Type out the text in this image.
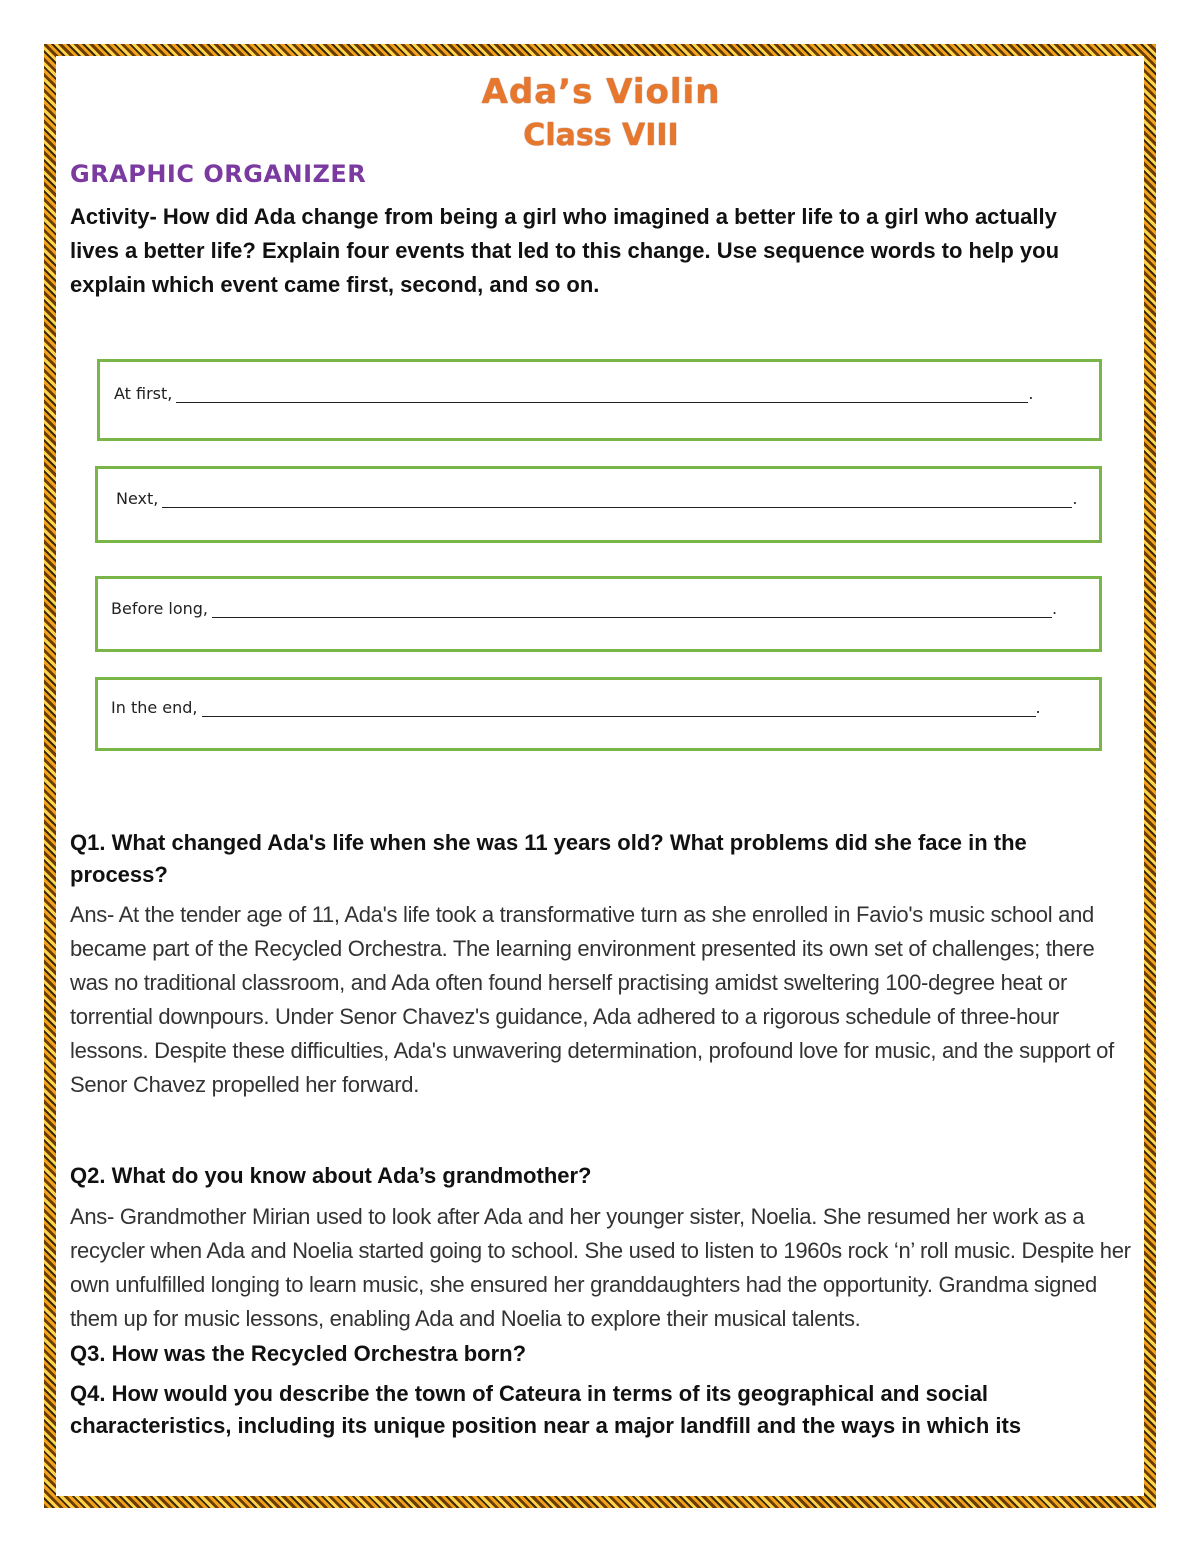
Ada’s Violin
Class VIII
GRAPHIC ORGANIZER
Activity- How did Ada change from being a girl who imagined a better life to a girl who actually lives a better life? Explain four events that led to this change. Use sequence words to help you explain which event came first, second, and so on.
At first,	.
Next,	.
Before long,	.
In the end,	.
Q1. What changed Ada's life when she was 11 years old? What problems did she face in the process?
Ans- At the tender age of 11, Ada's life took a transformative turn as she enrolled in Favio's music school and became part of the Recycled Orchestra. The learning environment presented its own set of challenges; there was no traditional classroom, and Ada often found herself practising amidst sweltering 100-degree heat or torrential downpours. Under Senor Chavez's guidance, Ada adhered to a rigorous schedule of three-hour lessons. Despite these difficulties, Ada's unwavering determination, profound love for music, and the support of Senor Chavez propelled her forward.
Q2. What do you know about Ada’s grandmother?
Ans- Grandmother Mirian used to look after Ada and her younger sister, Noelia. She resumed her work as a recycler when Ada and Noelia started going to school. She used to listen to 1960s rock ‘n’ roll music. Despite her own unfulfilled longing to learn music, she ensured her granddaughters had the opportunity. Grandma signed them up for music lessons, enabling Ada and Noelia to explore their musical talents.
Q3. How was the Recycled Orchestra born?
Q4. How would you describe the town of Cateura in terms of its geographical and social characteristics, including its unique position near a major landfill and the ways in which its
